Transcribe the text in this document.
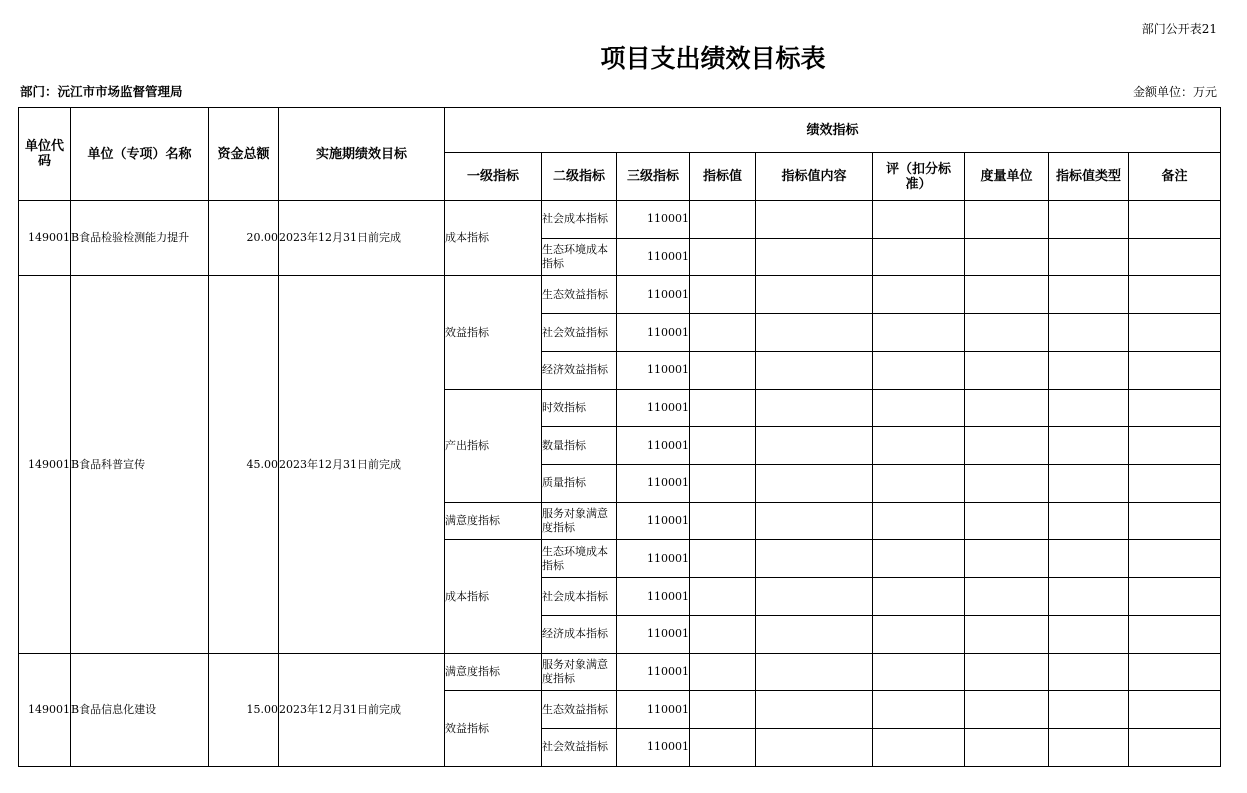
部门公开表21
项目支出绩效目标表
部门：沅江市市场监督管理局	金额单位：万元
单位代码	单位（专项）名称	资金总额	实施期绩效目标	绩效指标								
				一级指标	二级指标	三级指标	指标值	指标值内容	评（扣分标准）	度量单位	指标值类型	备注
149001	B食品检验检测能力提升	20.00	2023年12月31日前完成	成本指标	社会成本指标	110001						
					生态环境成本指标	110001						
149001	B食品科普宣传	45.00	2023年12月31日前完成	效益指标	生态效益指标	110001						
					社会效益指标	110001						
					经济效益指标	110001						
				产出指标	时效指标	110001						
					数量指标	110001						
					质量指标	110001						
				满意度指标	服务对象满意度指标	110001						
				成本指标	生态环境成本指标	110001						
					社会成本指标	110001						
					经济成本指标	110001						
149001	B食品信息化建设	15.00	2023年12月31日前完成	满意度指标	服务对象满意度指标	110001						
				效益指标	生态效益指标	110001						
					社会效益指标	110001						
